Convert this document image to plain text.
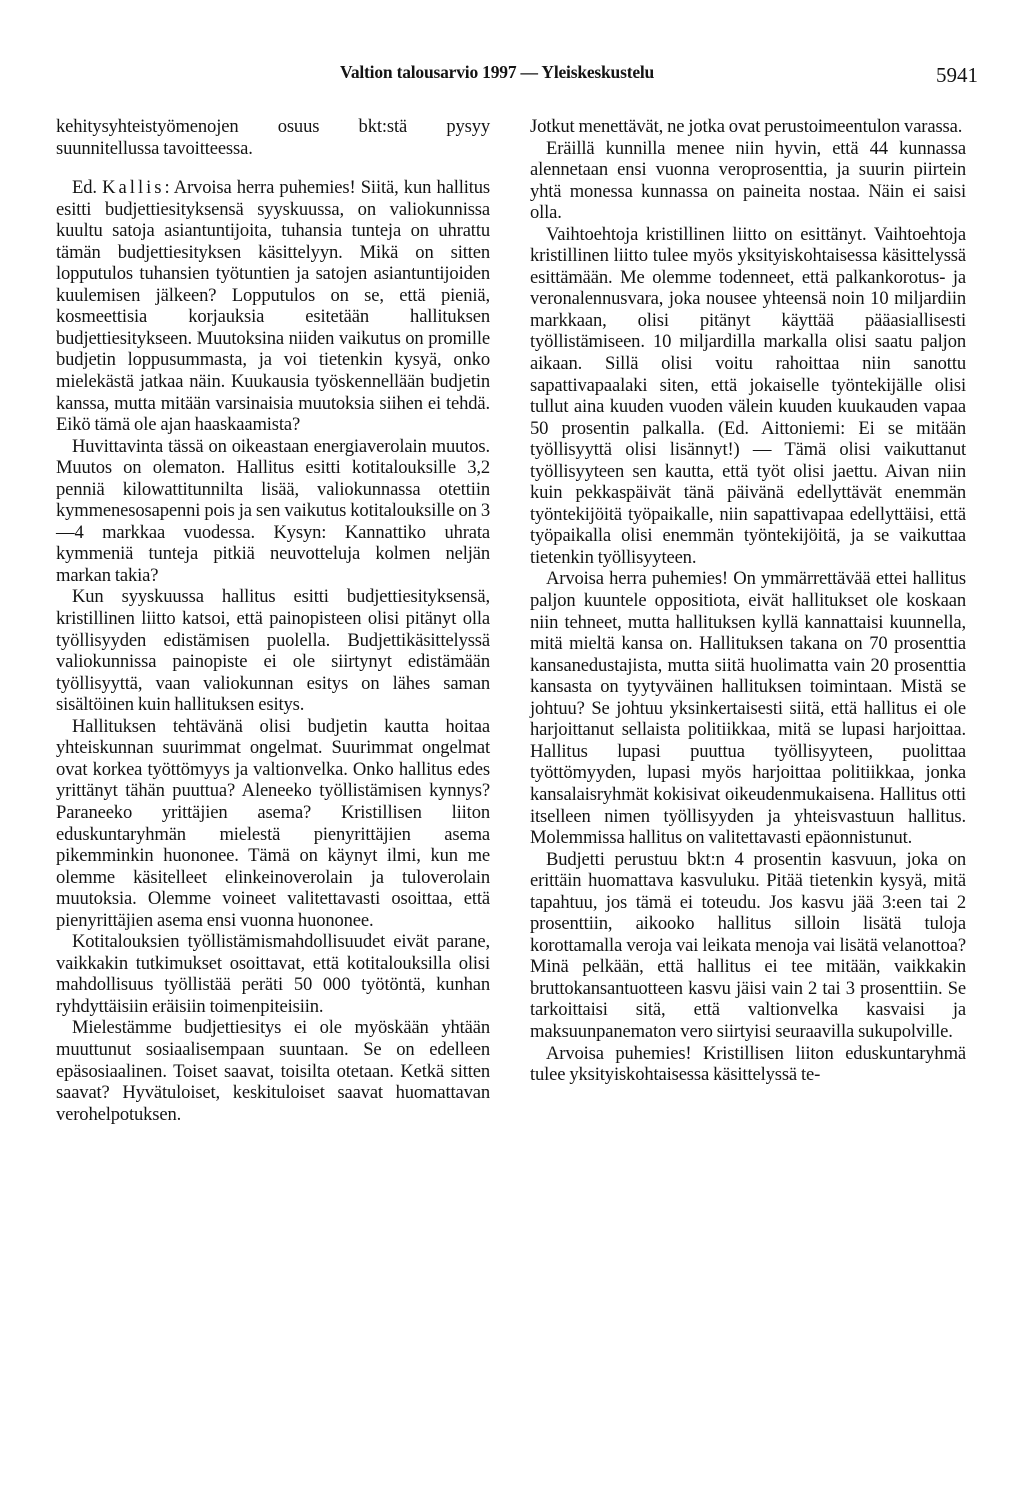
Valtion talousarvio 1997 — Yleiskeskustelu	5941

kehitysyhteistyömenojen osuus bkt:stä pysyy suunnitellussa tavoitteessa.

Ed. Kallis: Arvoisa herra puhemies! Siitä, kun hallitus esitti budjettiesityksensä syyskuussa, on valiokunnissa kuultu satoja asiantuntijoita, tuhansia tunteja on uhrattu tämän budjettiesityksen käsittelyyn. Mikä on sitten lopputulos tuhansien työtuntien ja satojen asiantuntijoiden kuulemisen jälkeen? Lopputulos on se, että pieniä, kosmeettisia korjauksia esitetään hallituksen budjettiesitykseen. Muutoksina niiden vaikutus on promille budjetin loppusummasta, ja voi tietenkin kysyä, onko mielekästä jatkaa näin. Kuukausia työskennellään budjetin kanssa, mutta mitään varsinaisia muutoksia siihen ei tehdä. Eikö tämä ole ajan haaskaamista?

Huvittavinta tässä on oikeastaan energiaverolain muutos. Muutos on olematon. Hallitus esitti kotitalouksille 3,2 penniä kilowattitunnilta lisää, valiokunnassa otettiin kymmenesosapenni pois ja sen vaikutus kotitalouksille on 3—4 markkaa vuodessa. Kysyn: Kannattiko uhrata kymmeniä tunteja pitkiä neuvotteluja kolmen neljän markan takia?

Kun syyskuussa hallitus esitti budjettiesityksensä, kristillinen liitto katsoi, että painopisteen olisi pitänyt olla työllisyyden edistämisen puolella. Budjettikäsittelyssä valiokunnissa painopiste ei ole siirtynyt edistämään työllisyyttä, vaan valiokunnan esitys on lähes saman sisältöinen kuin hallituksen esitys.

Hallituksen tehtävänä olisi budjetin kautta hoitaa yhteiskunnan suurimmat ongelmat. Suurimmat ongelmat ovat korkea työttömyys ja valtionvelka. Onko hallitus edes yrittänyt tähän puuttua? Aleneeko työllistämisen kynnys? Paraneeko yrittäjien asema? Kristillisen liiton eduskuntaryhmän mielestä pienyrittäjien asema pikemminkin huononee. Tämä on käynyt ilmi, kun me olemme käsitelleet elinkeinoverolain ja tuloverolain muutoksia. Olemme voineet valitettavasti osoittaa, että pienyrittäjien asema ensi vuonna huononee.

Kotitalouksien työllistämismahdollisuudet eivät parane, vaikkakin tutkimukset osoittavat, että kotitalouksilla olisi mahdollisuus työllistää peräti 50 000 työtöntä, kunhan ryhdyttäisiin eräisiin toimenpiteisiin.

Mielestämme budjettiesitys ei ole myöskään yhtään muuttunut sosiaalisempaan suuntaan. Se on edelleen epäsosiaalinen. Toiset saavat, toisilta otetaan. Ketkä sitten saavat? Hyvätuloiset, keskituloiset saavat huomattavan verohelpotuksen.

Jotkut menettävät, ne jotka ovat perustoimeentulon varassa.

Eräillä kunnilla menee niin hyvin, että 44 kunnassa alennetaan ensi vuonna veroprosenttia, ja suurin piirtein yhtä monessa kunnassa on paineita nostaa. Näin ei saisi olla.

Vaihtoehtoja kristillinen liitto on esittänyt. Vaihtoehtoja kristillinen liitto tulee myös yksityiskohtaisessa käsittelyssä esittämään. Me olemme todenneet, että palkankorotus- ja veronalennusvara, joka nousee yhteensä noin 10 miljardiin markkaan, olisi pitänyt käyttää pääasiallisesti työllistämiseen. 10 miljardilla markalla olisi saatu paljon aikaan. Sillä olisi voitu rahoittaa niin sanottu sapattivapaalaki siten, että jokaiselle työntekijälle olisi tullut aina kuuden vuoden välein kuuden kuukauden vapaa 50 prosentin palkalla. (Ed. Aittoniemi: Ei se mitään työllisyyttä olisi lisännyt!) — Tämä olisi vaikuttanut työllisyyteen sen kautta, että työt olisi jaettu. Aivan niin kuin pekkaspäivät tänä päivänä edellyttävät enemmän työntekijöitä työpaikalle, niin sapattivapaa edellyttäisi, että työpaikalla olisi enemmän työntekijöitä, ja se vaikuttaa tietenkin työllisyyteen.

Arvoisa herra puhemies! On ymmärrettävää ettei hallitus paljon kuuntele oppositiota, eivät hallitukset ole koskaan niin tehneet, mutta hallituksen kyllä kannattaisi kuunnella, mitä mieltä kansa on. Hallituksen takana on 70 prosenttia kansanedustajista, mutta siitä huolimatta vain 20 prosenttia kansasta on tyytyväinen hallituksen toimintaan. Mistä se johtuu? Se johtuu yksinkertaisesti siitä, että hallitus ei ole harjoittanut sellaista politiikkaa, mitä se lupasi harjoittaa. Hallitus lupasi puuttua työllisyyteen, puolittaa työttömyyden, lupasi myös harjoittaa politiikkaa, jonka kansalaisryhmät kokisivat oikeudenmukaisena. Hallitus otti itselleen nimen työllisyyden ja yhteisvastuun hallitus. Molemmissa hallitus on valitettavasti epäonnistunut.

Budjetti perustuu bkt:n 4 prosentin kasvuun, joka on erittäin huomattava kasvuluku. Pitää tietenkin kysyä, mitä tapahtuu, jos tämä ei toteudu. Jos kasvu jää 3:een tai 2 prosenttiin, aikooko hallitus silloin lisätä tuloja korottamalla veroja vai leikata menoja vai lisätä velanottoa? Minä pelkään, että hallitus ei tee mitään, vaikkakin bruttokansantuotteen kasvu jäisi vain 2 tai 3 prosenttiin. Se tarkoittaisi sitä, että valtionvelka kasvaisi ja maksuunpanematon vero siirtyisi seuraavilla sukupolville.

Arvoisa puhemies! Kristillisen liiton eduskuntaryhmä tulee yksityiskohtaisessa käsittelyssä te-
